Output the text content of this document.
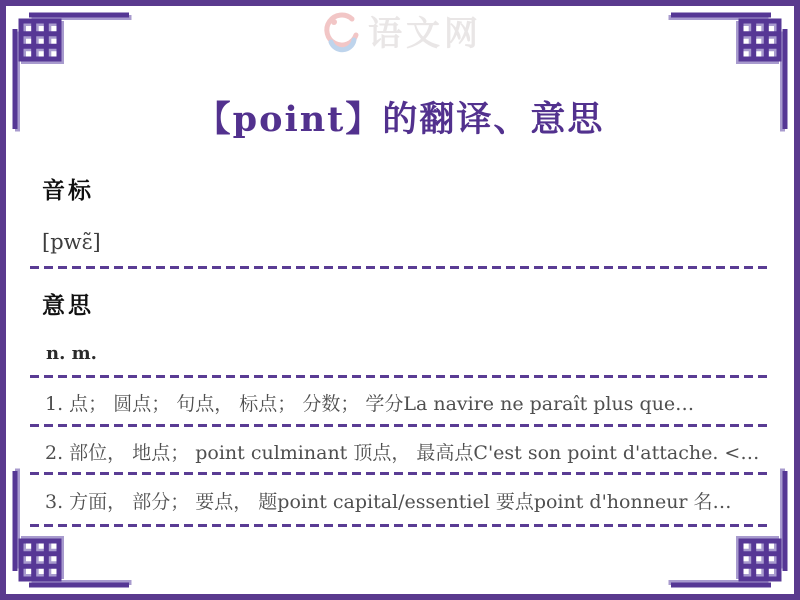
语文网
【point】的翻译、意思
音标
[pwɛ̃]
意思
n. m.
1. 点； 圆点； 句点， 标点； 分数； 学分La navire ne paraît plus que…
2. 部位， 地点； point culminant 顶点， 最高点C'est son point d'attache. <…
3. 方面， 部分； 要点， 题point capital/essentiel 要点point d'honneur 名…
